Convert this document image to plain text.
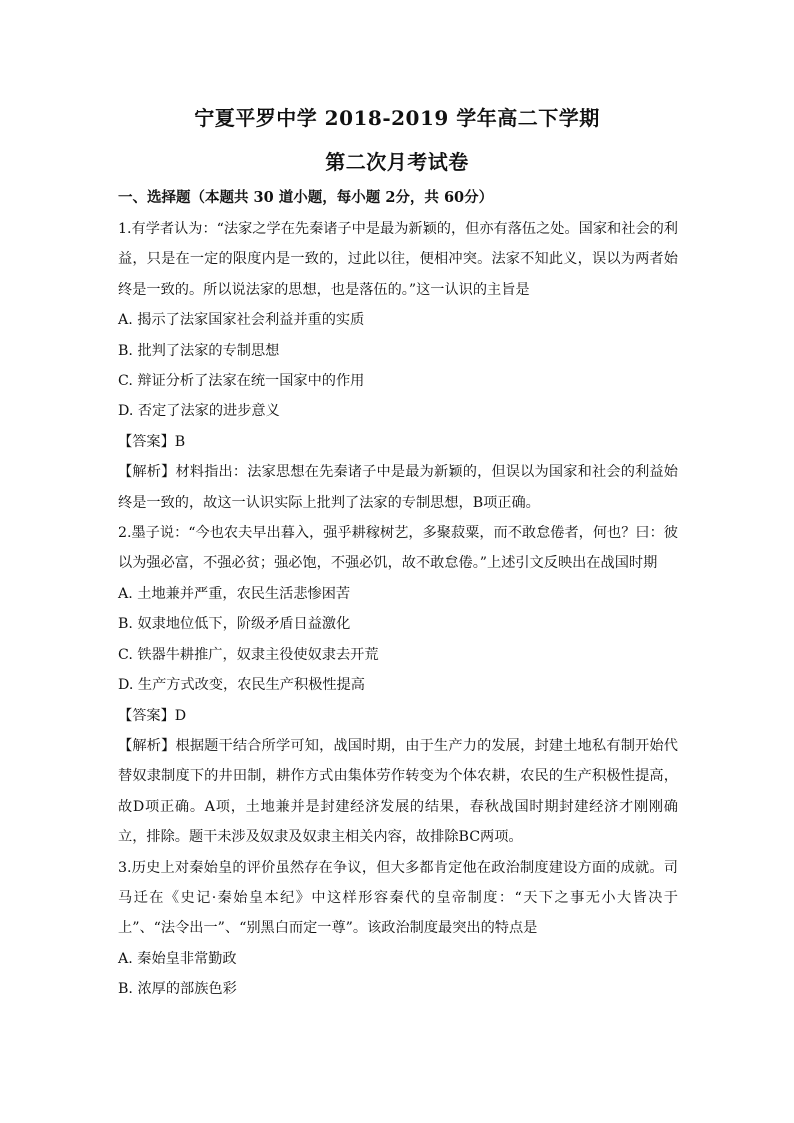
宁夏平罗中学 2018-2019 学年高二下学期
第二次月考试卷
一、选择题（本题共 30 道小题，每小题 2分，共 60分）

1.有学者认为：“法家之学在先秦诸子中是最为新颖的，但亦有落伍之处。国家和社会的利益，只是在一定的限度内是一致的，过此以往，便相冲突。法家不知此义，误以为两者始终是一致的。所以说法家的思想，也是落伍的。”这一认识的主旨是

A. 揭示了法家国家社会利益并重的实质

B. 批判了法家的专制思想

C. 辩证分析了法家在统一国家中的作用

D. 否定了法家的进步意义

【答案】B

【解析】材料指出：法家思想在先秦诸子中是最为新颖的，但误以为国家和社会的利益始终是一致的，故这一认识实际上批判了法家的专制思想，B项正确。

2.墨子说：“今也农夫早出暮入，强乎耕稼树艺，多聚菽粟，而不敢怠倦者，何也？曰：彼以为强必富，不强必贫；强必饱，不强必饥，故不敢怠倦。”上述引文反映出在战国时期

A. 土地兼并严重，农民生活悲惨困苦

B. 奴隶地位低下，阶级矛盾日益激化

C. 铁器牛耕推广，奴隶主役使奴隶去开荒

D. 生产方式改变，农民生产积极性提高

【答案】D

【解析】根据题干结合所学可知，战国时期，由于生产力的发展，封建土地私有制开始代替奴隶制度下的井田制，耕作方式由集体劳作转变为个体农耕，农民的生产积极性提高，故D项正确。A项，土地兼并是封建经济发展的结果，春秋战国时期封建经济才刚刚确立，排除。题干未涉及奴隶及奴隶主相关内容，故排除BC两项。

3.历史上对秦始皇的评价虽然存在争议，但大多都肯定他在政治制度建设方面的成就。司马迁在《史记·秦始皇本纪》中这样形容秦代的皇帝制度：“天下之事无小大皆决于上”、“法令出一”、“别黑白而定一尊”。该政治制度最突出的特点是

A. 秦始皇非常勤政

B. 浓厚的部族色彩
